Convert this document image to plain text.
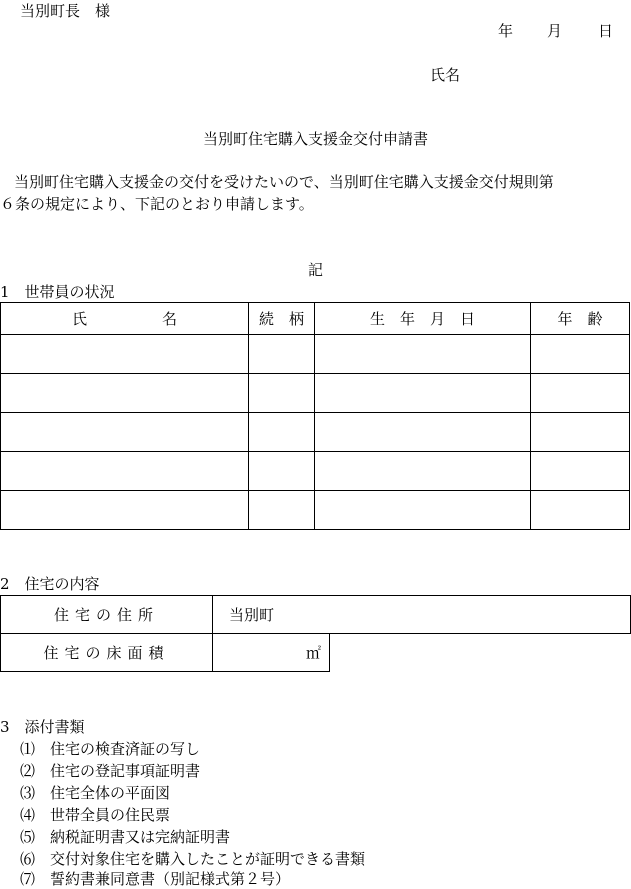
当別町長　様
年 月 日
氏名
当別町住宅購入支援金交付申請書
当別町住宅購入支援金の交付を受けたいので、当別町住宅購入支援金交付規則第
６条の規定により、下記のとおり申請します。
記
1　世帯員の状況
氏　　　　　名	続　柄	生　年　月　日	年　齢

2　住宅の内容
住宅の住所	当別町	
住宅の床面積	㎡	
3　添付書類
⑴ 住宅の検査済証の写し
⑵ 住宅の登記事項証明書
⑶ 住宅全体の平面図
⑷ 世帯全員の住民票
⑸ 納税証明書又は完納証明書
⑹ 交付対象住宅を購入したことが証明できる書類
⑺ 誓約書兼同意書（別記様式第２号）
